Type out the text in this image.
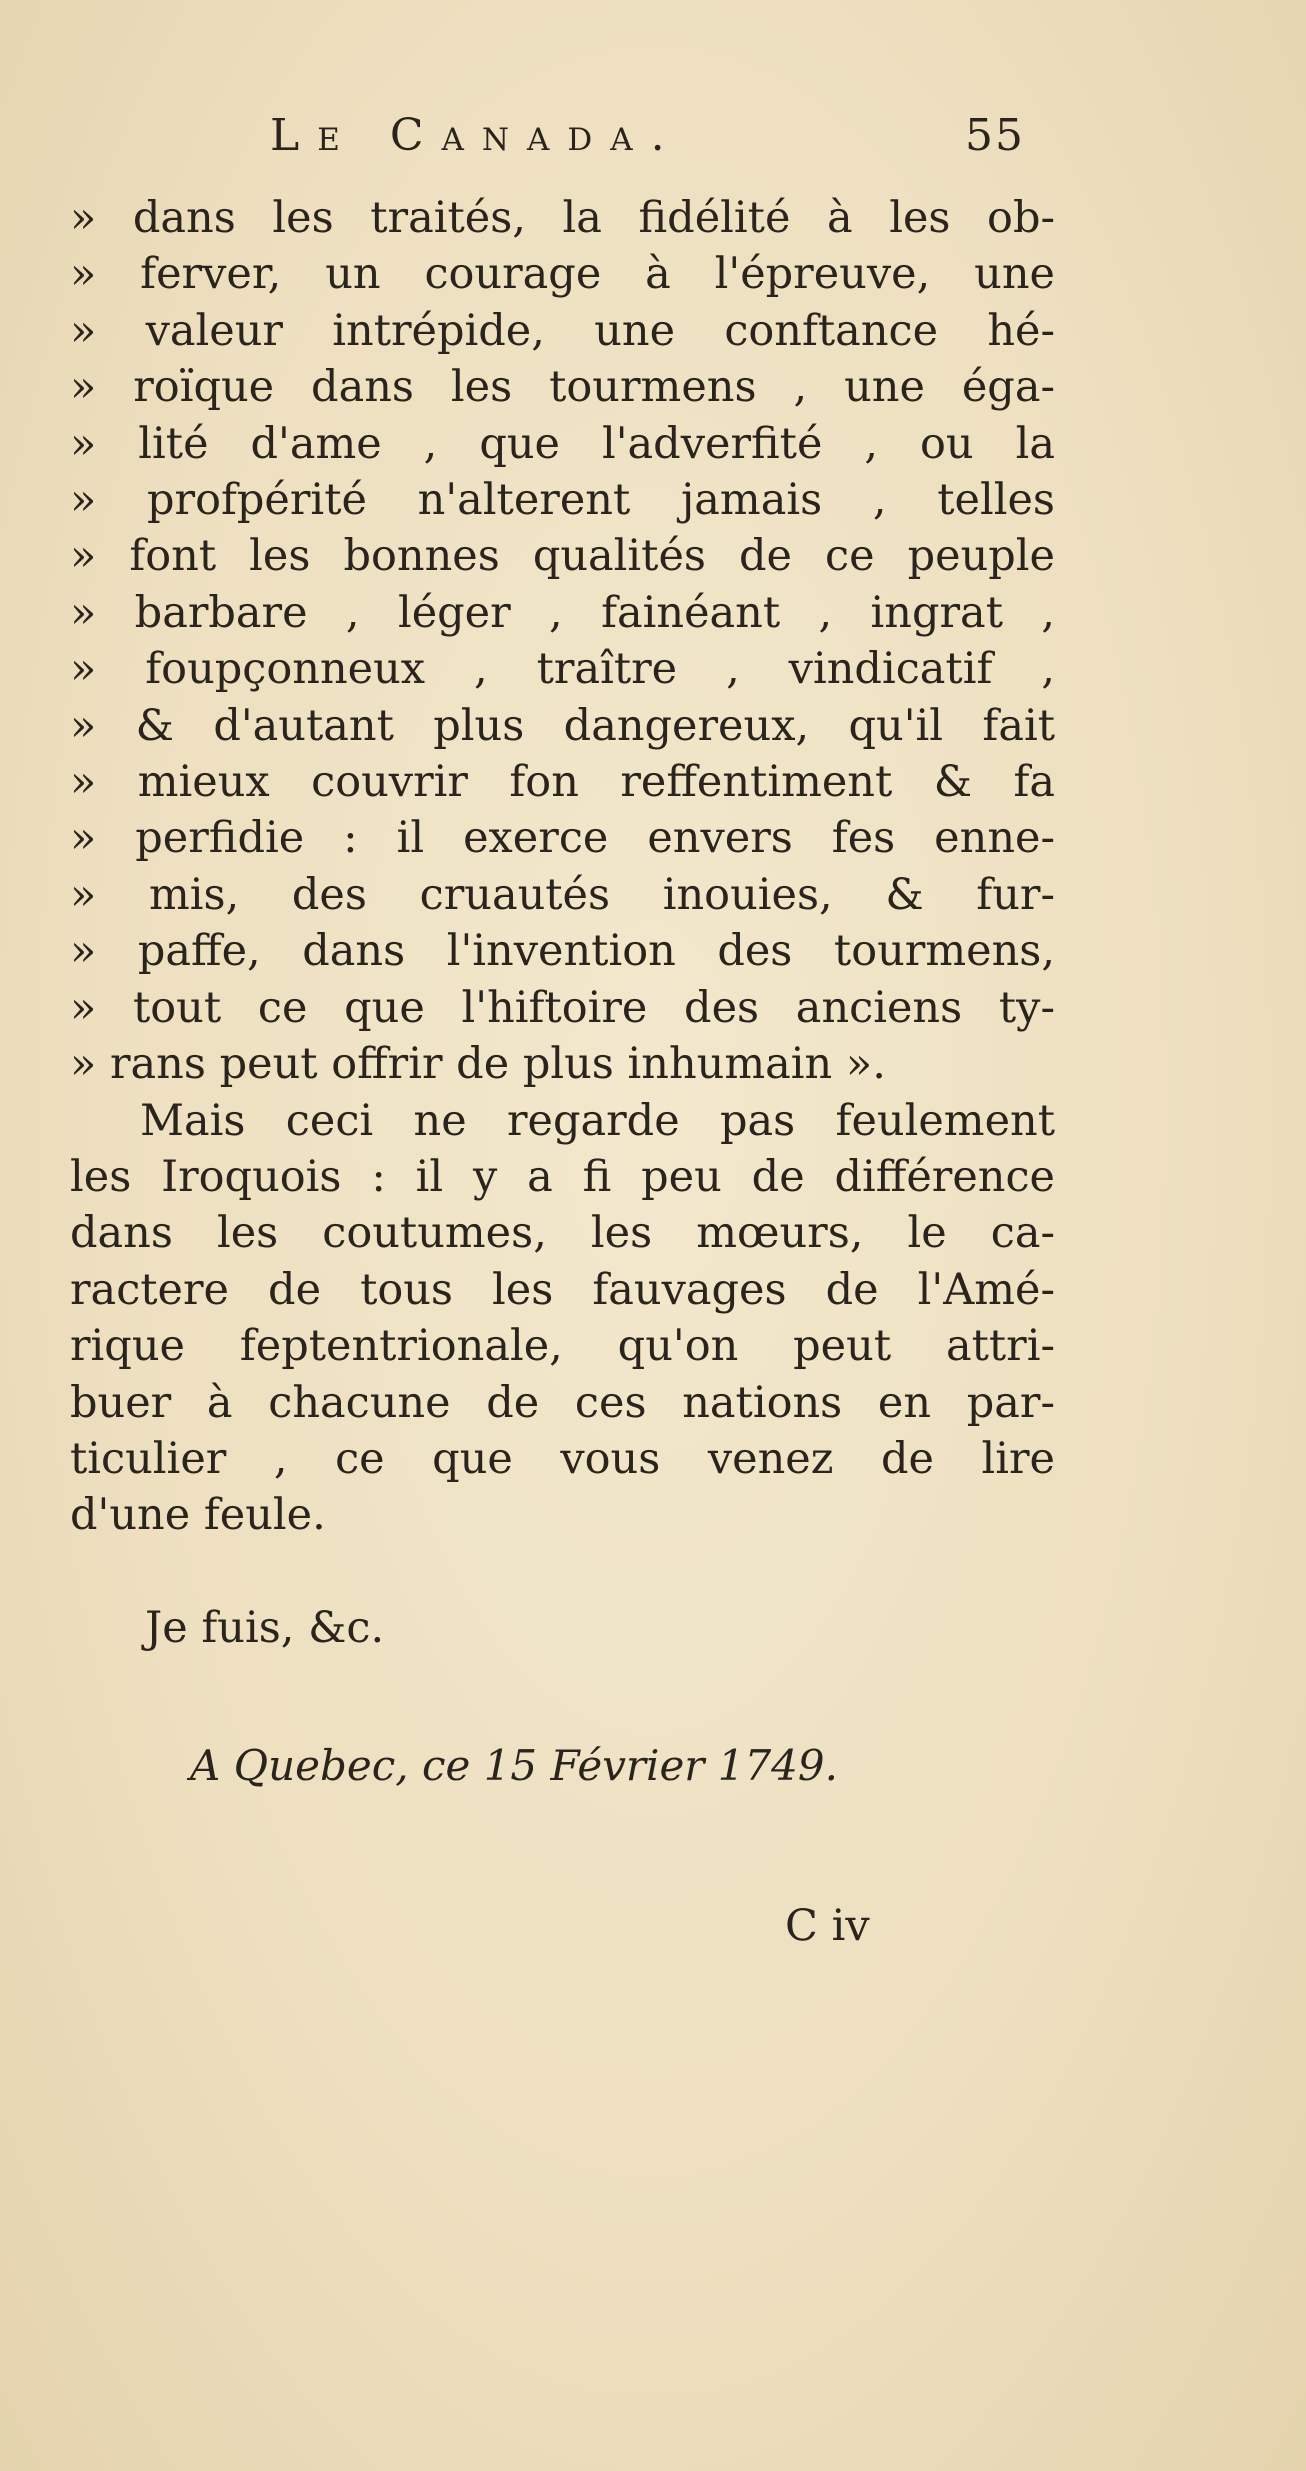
Le Canada.	55
» dans les traités, la fidélité à les ob-
» ferver, un courage à l'épreuve, une
» valeur intrépide, une conftance hé-
» roïque dans les tourmens , une éga-
» lité d'ame , que l'adverfité , ou la
» profpérité n'alterent jamais , telles
» font les bonnes qualités de ce peuple
» barbare , léger , fainéant , ingrat ,
» foupçonneux , traître , vindicatif ,
» & d'autant plus dangereux, qu'il fait
» mieux couvrir fon reffentiment & fa
» perfidie : il exerce envers fes enne-
» mis, des cruautés inouies, & fur-
» paffe, dans l'invention des tourmens,
» tout ce que l'hiftoire des anciens ty-
» rans peut offrir de plus inhumain ».
Mais ceci ne regarde pas feulement
les Iroquois : il y a fi peu de différence
dans les coutumes, les mœurs, le ca-
ractere de tous les fauvages de l'Amé-
rique feptentrionale, qu'on peut attri-
buer à chacune de ces nations en par-
ticulier , ce que vous venez de lire
d'une feule.
Je fuis, &c.
A Quebec, ce 15 Février 1749.
C iv
